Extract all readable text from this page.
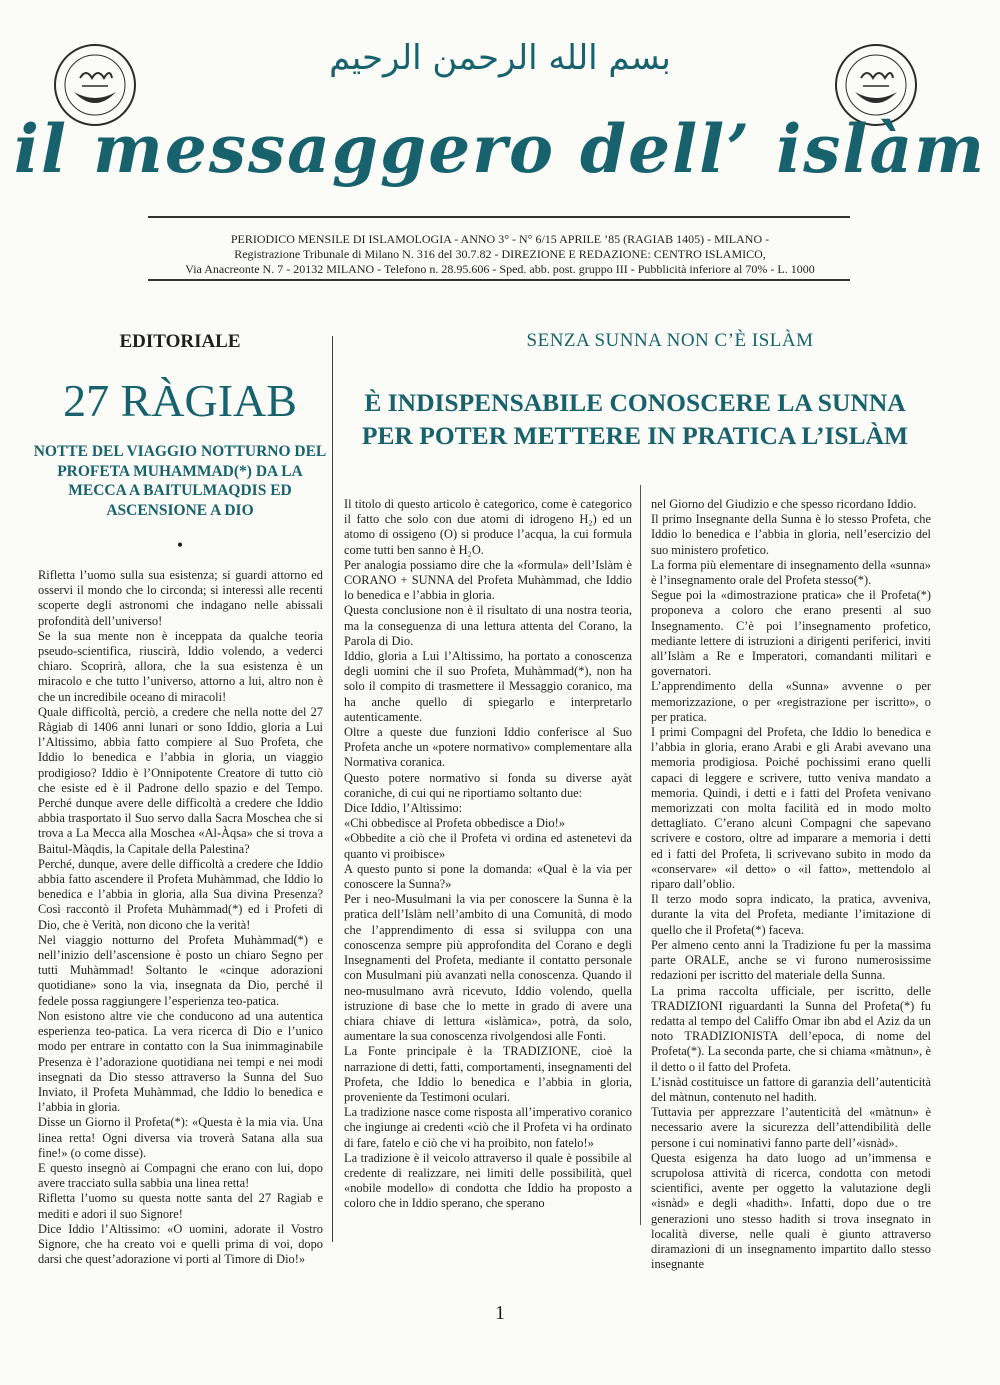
بسم الله الرحمن الرحيم
il messaggero dell’ islàm
PERIODICO MENSILE DI ISLAMOLOGIA - ANNO 3° - N° 6/15 APRILE ’85 (RAGIAB 1405) - MILANO -
Registrazione Tribunale di Milano N. 316 del 30.7.82 - DIREZIONE E REDAZIONE: CENTRO ISLAMICO,
Via Anacreonte N. 7 - 20132 MILANO - Telefono n. 28.95.606 - Sped. abb. post. gruppo III - Pubblicità inferiore al 70% - L. 1000
EDITORIALE
27 RÀGIAB
NOTTE DEL VIAGGIO NOTTURNO DEL PROFETA MUHAMMAD(*) DA LA MECCA A BAITULMAQDIS ED ASCENSIONE A DIO
•
SENZA SUNNA NON C’È ISLÀM
È INDISPENSABILE CONOSCERE LA SUNNA
PER POTER METTERE IN PRATICA L’ISLÀM

Rifletta l’uomo sulla sua esistenza; si guardi attorno ed osservi il mondo che lo circonda; si interessi alle recenti scoperte degli astronomi che indagano nelle abissali profondità dell’universo!

Se la sua mente non è inceppata da qualche teoria pseudo-scientifica, riuscirà, Iddio volendo, a vederci chiaro. Scoprirà, allora, che la sua esistenza è un miracolo e che tutto l’universo, attorno a lui, altro non è che un incredibile oceano di miracoli!

Quale difficoltà, perciò, a credere che nella notte del 27 Ràgiab di 1406 anni lunari or sono Iddio, gloria a Lui l’Altissimo, abbia fatto compiere al Suo Profeta, che Iddio lo benedica e l’abbia in gloria, un viaggio prodigioso? Iddio è l’Onnipotente Creatore di tutto ciò che esiste ed è il Padrone dello spazio e del Tempo. Perché dunque avere delle difficoltà a credere che Iddio abbia trasportato il Suo servo dalla Sacra Moschea che si trova a La Mecca alla Moschea «Al-Àqsa» che si trova a Baitul-Màqdis, la Capitale della Palestina?

Perché, dunque, avere delle difficoltà a credere che Iddio abbia fatto ascendere il Profeta Muhàmmad, che Iddio lo benedica e l’abbia in gloria, alla Sua divina Presenza? Così raccontò il Profeta Muhàmmad(*) ed i Profeti di Dio, che è Verità, non dicono che la verità!

Nel viaggio notturno del Profeta Muhàmmad(*) e nell’inizio dell’ascensione è posto un chiaro Segno per tutti Muhàmmad! Soltanto le «cinque adorazioni quotidiane» sono la via, insegnata da Dio, perché il fedele possa raggiungere l’esperienza teo-patica.

Non esistono altre vie che conducono ad una autentica esperienza teo-patica. La vera ricerca di Dio e l’unico modo per entrare in contatto con la Sua inimmaginabile Presenza è l’adorazione quotidiana nei tempi e nei modi insegnati da Dio stesso attraverso la Sunna del Suo Inviato, il Profeta Muhàmmad, che Iddio lo benedica e l’abbia in gloria.

Disse un Giorno il Profeta(*): «Questa è la mia via. Una linea retta! Ogni diversa via troverà Satana alla sua fine!» (o come disse).

E questo insegnò ai Compagni che erano con lui, dopo avere tracciato sulla sabbia una linea retta!

Rifletta l’uomo su questa notte santa del 27 Ragiab e mediti e adori il suo Signore!

Dice Iddio l’Altissimo: «O uomini, adorate il Vostro Signore, che ha creato voi e quelli prima di voi, dopo darsi che quest’adorazione vi porti al Timore di Dio!»

Il titolo di questo articolo è categorico, come è categorico il fatto che solo con due atomi di idrogeno H₂) ed un atomo di ossigeno (O) si produce l’acqua, la cui formula come tutti ben sanno è H₂O.

Per analogia possiamo dire che la «formula» dell’Islàm è CORANO + SUNNA del Profeta Muhàmmad, che Iddio lo benedica e l’abbia in gloria.

Questa conclusione non è il risultato di una nostra teoria, ma la conseguenza di una lettura attenta del Corano, la Parola di Dio.

Iddio, gloria a Lui l’Altissimo, ha portato a conoscenza degli uomini che il suo Profeta, Muhàmmad(*), non ha solo il compito di trasmettere il Messaggio coranico, ma ha anche quello di spiegarlo e interpretarlo autenticamente.

Oltre a queste due funzioni Iddio conferisce al Suo Profeta anche un «potere normativo» complementare alla Normativa coranica.

Questo potere normativo si fonda su diverse ayàt coraniche, di cui qui ne riportiamo soltanto due:

Dice Iddio, l’Altissimo:

«Chi obbedisce al Profeta obbedisce a Dio!»

«Obbedite a ciò che il Profeta vi ordina ed astenetevi da quanto vi proibisce»

A questo punto si pone la domanda: «Qual è la via per conoscere la Sunna?»

Per i neo-Musulmani la via per conoscere la Sunna è la pratica dell’Islàm nell’ambito di una Comunità, di modo che l’apprendimento di essa si sviluppa con una conoscenza sempre più approfondita del Corano e degli Insegnamenti del Profeta, mediante il contatto personale con Musulmani più avanzati nella conoscenza. Quando il neo-musulmano avrà ricevuto, Iddio volendo, quella istruzione di base che lo mette in grado di avere una chiara chiave di lettura «islàmica», potrà, da solo, aumentare la sua conoscenza rivolgendosi alle Fonti.

La Fonte principale è la TRADIZIONE, cioè la narrazione di detti, fatti, comportamenti, insegnamenti del Profeta, che Iddio lo benedica e l’abbia in gloria, proveniente da Testimoni oculari.

La tradizione nasce come risposta all’imperativo coranico che ingiunge ai credenti «ciò che il Profeta vi ha ordinato di fare, fatelo e ciò che vi ha proibito, non fatelo!»

La tradizione è il veicolo attraverso il quale è possibile al credente di realizzare, nei limiti delle possibilità, quel «nobile modello» di condotta che Iddio ha proposto a coloro che in Iddio sperano, che sperano

nel Giorno del Giudizio e che spesso ricordano Iddio.

Il primo Insegnante della Sunna è lo stesso Profeta, che Iddio lo benedica e l’abbia in gloria, nell’esercizio del suo ministero profetico.

La forma più elementare di insegnamento della «sunna» è l’insegnamento orale del Profeta stesso(*).

Segue poi la «dimostrazione pratica» che il Profeta(*) proponeva a coloro che erano presenti al suo Insegnamento. C’è poi l’insegnamento profetico, mediante lettere di istruzioni a dirigenti periferici, inviti all’Islàm a Re e Imperatori, comandanti militari e governatori.

L’apprendimento della «Sunna» avvenne o per memorizzazione, o per «registrazione per iscritto», o per pratica.

I primi Compagni del Profeta, che Iddio lo benedica e l’abbia in gloria, erano Arabi e gli Arabi avevano una memoria prodigiosa. Poiché pochissimi erano quelli capaci di leggere e scrivere, tutto veniva mandato a memoria. Quindi, i detti e i fatti del Profeta venivano memorizzati con molta facilità ed in modo molto dettagliato. C’erano alcuni Compagni che sapevano scrivere e costoro, oltre ad imparare a memoria i detti ed i fatti del Profeta, li scrivevano subito in modo da «conservare» «il detto» o «il fatto», mettendolo al riparo dall’oblio.

Il terzo modo sopra indicato, la pratica, avveniva, durante la vita del Profeta, mediante l’imitazione di quello che il Profeta(*) faceva.

Per almeno cento anni la Tradizione fu per la massima parte ORALE, anche se vi furono numerosissime redazioni per iscritto del materiale della Sunna.

La prima raccolta ufficiale, per iscritto, delle TRADIZIONI riguardanti la Sunna del Profeta(*) fu redatta al tempo del Califfo Omar ibn abd el Aziz da un noto TRADIZIONISTA dell’epoca, di nome del Profeta(*). La seconda parte, che si chiama «màtnun», è il detto o il fatto del Profeta.

L’isnàd costituisce un fattore di garanzia dell’autenticità del màtnun, contenuto nel hadith.

Tuttavia per apprezzare l’autenticità del «màtnun» è necessario avere la sicurezza dell’attendibilità delle persone i cui nominativi fanno parte dell’«isnàd».

Questa esigenza ha dato luogo ad un’immensa e scrupolosa attività di ricerca, condotta con metodi scientifici, avente per oggetto la valutazione degli «isnàd» e degli «hadith». Infatti, dopo due o tre generazioni uno stesso hadith si trova insegnato in località diverse, nelle quali è giunto attraverso diramazioni di un insegnamento impartito dallo stesso insegnante

1
